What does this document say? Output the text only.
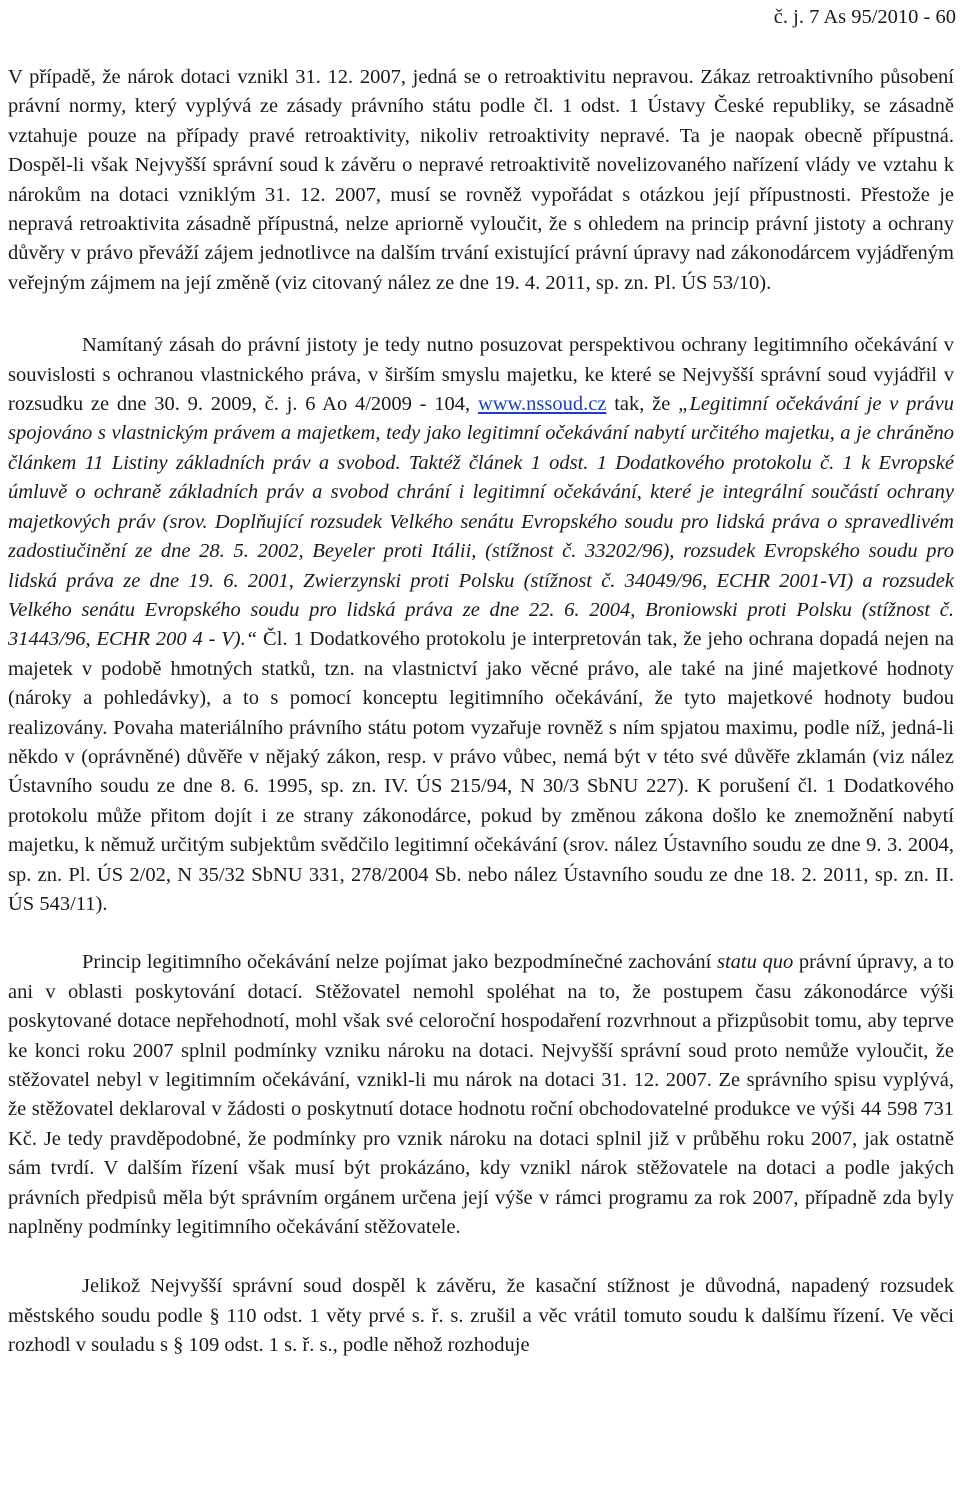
č. j. 7 As 95/2010 - 60

V případě, že nárok dotaci vznikl 31. 12. 2007, jedná se o retroaktivitu nepravou. Zákaz retroaktivního působení právní normy, který vyplývá ze zásady právního státu podle čl. 1 odst. 1 Ústavy České republiky, se zásadně vztahuje pouze na případy pravé retroaktivity, nikoliv retroaktivity nepravé. Ta je naopak obecně přípustná. Dospěl-li však Nejvyšší správní soud k závěru o nepravé retroaktivitě novelizovaného nařízení vlády ve vztahu k nárokům na dotaci vzniklým 31. 12. 2007, musí se rovněž vypořádat s otázkou její přípustnosti. Přestože je nepravá retroaktivita zásadně přípustná, nelze apriorně vyloučit, že s ohledem na princip právní jistoty a ochrany důvěry v právo převáží zájem jednotlivce na dalším trvání existující právní úpravy nad zákonodárcem vyjádřeným veřejným zájmem na její změně (viz citovaný nález ze dne 19. 4. 2011, sp. zn. Pl. ÚS 53/10).

Namítaný zásah do právní jistoty je tedy nutno posuzovat perspektivou ochrany legitimního očekávání v souvislosti s ochranou vlastnického práva, v širším smyslu majetku, ke které se Nejvyšší správní soud vyjádřil v rozsudku ze dne 30. 9. 2009, č. j. 6 Ao 4/2009 - 104, www.nssoud.cz tak, že „Legitimní očekávání je v právu spojováno s vlastnickým právem a majetkem, tedy jako legitimní očekávání nabytí určitého majetku, a je chráněno článkem 11 Listiny základních práv a svobod. Taktéž článek 1 odst. 1 Dodatkového protokolu č. 1 k Evropské úmluvě o ochraně základních práv a svobod chrání i legitimní očekávání, které je integrální součástí ochrany majetkových práv (srov. Doplňující rozsudek Velkého senátu Evropského soudu pro lidská práva o spravedlivém zadostiučinění ze dne 28. 5. 2002, Beyeler proti Itálii, (stížnost č. 33202/96), rozsudek Evropského soudu pro lidská práva ze dne 19. 6. 2001, Zwierzynski proti Polsku (stížnost č. 34049/96, ECHR 2001-VI) a rozsudek Velkého senátu Evropského soudu pro lidská práva ze dne 22. 6. 2004, Broniowski proti Polsku (stížnost č. 31443/96, ECHR 200 4 - V).“ Čl. 1 Dodatkového protokolu je interpretován tak, že jeho ochrana dopadá nejen na majetek v podobě hmotných statků, tzn. na vlastnictví jako věcné právo, ale také na jiné majetkové hodnoty (nároky a pohledávky), a to s pomocí konceptu legitimního očekávání, že tyto majetkové hodnoty budou realizovány. Povaha materiálního právního státu potom vyzařuje rovněž s ním spjatou maximu, podle níž, jedná-li někdo v (oprávněné) důvěře v nějaký zákon, resp. v právo vůbec, nemá být v této své důvěře zklamán (viz nález Ústavního soudu ze dne 8. 6. 1995, sp. zn. IV. ÚS 215/94, N 30/3 SbNU 227). K porušení čl. 1 Dodatkového protokolu může přitom dojít i ze strany zákonodárce, pokud by změnou zákona došlo ke znemožnění nabytí majetku, k němuž určitým subjektům svědčilo legitimní očekávání (srov. nález Ústavního soudu ze dne 9. 3. 2004, sp. zn. Pl. ÚS 2/02, N 35/32 SbNU 331, 278/2004 Sb. nebo nález Ústavního soudu ze dne 18. 2. 2011, sp. zn. II. ÚS 543/11).

Princip legitimního očekávání nelze pojímat jako bezpodmínečné zachování statu quo právní úpravy, a to ani v oblasti poskytování dotací. Stěžovatel nemohl spoléhat na to, že postupem času zákonodárce výši poskytované dotace nepřehodnotí, mohl však své celoroční hospodaření rozvrhnout a přizpůsobit tomu, aby teprve ke konci roku 2007 splnil podmínky vzniku nároku na dotaci. Nejvyšší správní soud proto nemůže vyloučit, že stěžovatel nebyl v legitimním očekávání, vznikl-li mu nárok na dotaci 31. 12. 2007. Ze správního spisu vyplývá, že stěžovatel deklaroval v žádosti o poskytnutí dotace hodnotu roční obchodovatelné produkce ve výši 44 598 731 Kč. Je tedy pravděpodobné, že podmínky pro vznik nároku na dotaci splnil již v průběhu roku 2007, jak ostatně sám tvrdí. V dalším řízení však musí být prokázáno, kdy vznikl nárok stěžovatele na dotaci a podle jakých právních předpisů měla být správním orgánem určena její výše v rámci programu za rok 2007, případně zda byly naplněny podmínky legitimního očekávání stěžovatele.

Jelikož Nejvyšší správní soud dospěl k závěru, že kasační stížnost je důvodná, napadený rozsudek městského soudu podle § 110 odst. 1 věty prvé s. ř. s. zrušil a věc vrátil tomuto soudu k dalšímu řízení. Ve věci rozhodl v souladu s § 109 odst. 1 s. ř. s., podle něhož rozhoduje
